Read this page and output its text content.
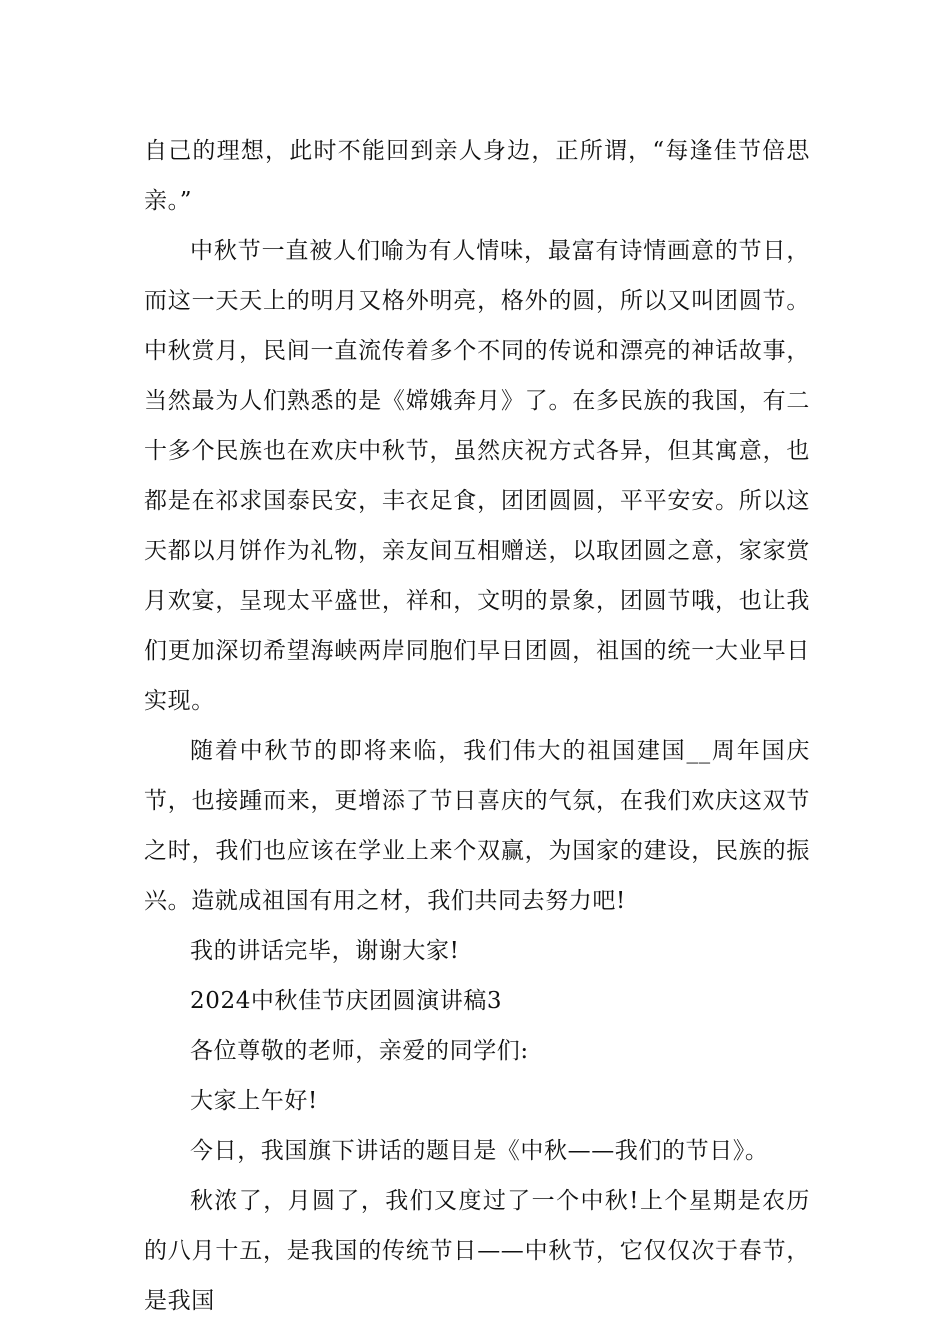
自己的理想，此时不能回到亲人身边，正所谓，“每逢佳节倍思亲。”

中秋节一直被人们喻为有人情味，最富有诗情画意的节日，而这一天天上的明月又格外明亮，格外的圆，所以又叫团圆节。中秋赏月，民间一直流传着多个不同的传说和漂亮的神话故事，当然最为人们熟悉的是《嫦娥奔月》了。在多民族的我国，有二十多个民族也在欢庆中秋节，虽然庆祝方式各异，但其寓意，也都是在祁求国泰民安，丰衣足食，团团圆圆，平平安安。所以这天都以月饼作为礼物，亲友间互相赠送，以取团圆之意，家家赏月欢宴，呈现太平盛世，祥和，文明的景象，团圆节哦，也让我们更加深切希望海峡两岸同胞们早日团圆，祖国的统一大业早日实现。

随着中秋节的即将来临，我们伟大的祖国建国__周年国庆节，也接踵而来，更增添了节日喜庆的气氛，在我们欢庆这双节之时，我们也应该在学业上来个双赢，为国家的建设，民族的振兴。造就成祖国有用之材，我们共同去努力吧!

我的讲话完毕，谢谢大家!

2024中秋佳节庆团圆演讲稿3

各位尊敬的老师，亲爱的同学们:

大家上午好!

今日，我国旗下讲话的题目是《中秋——我们的节日》。

秋浓了，月圆了，我们又度过了一个中秋!上个星期是农历的八月十五，是我国的传统节日——中秋节，它仅仅次于春节，是我国
